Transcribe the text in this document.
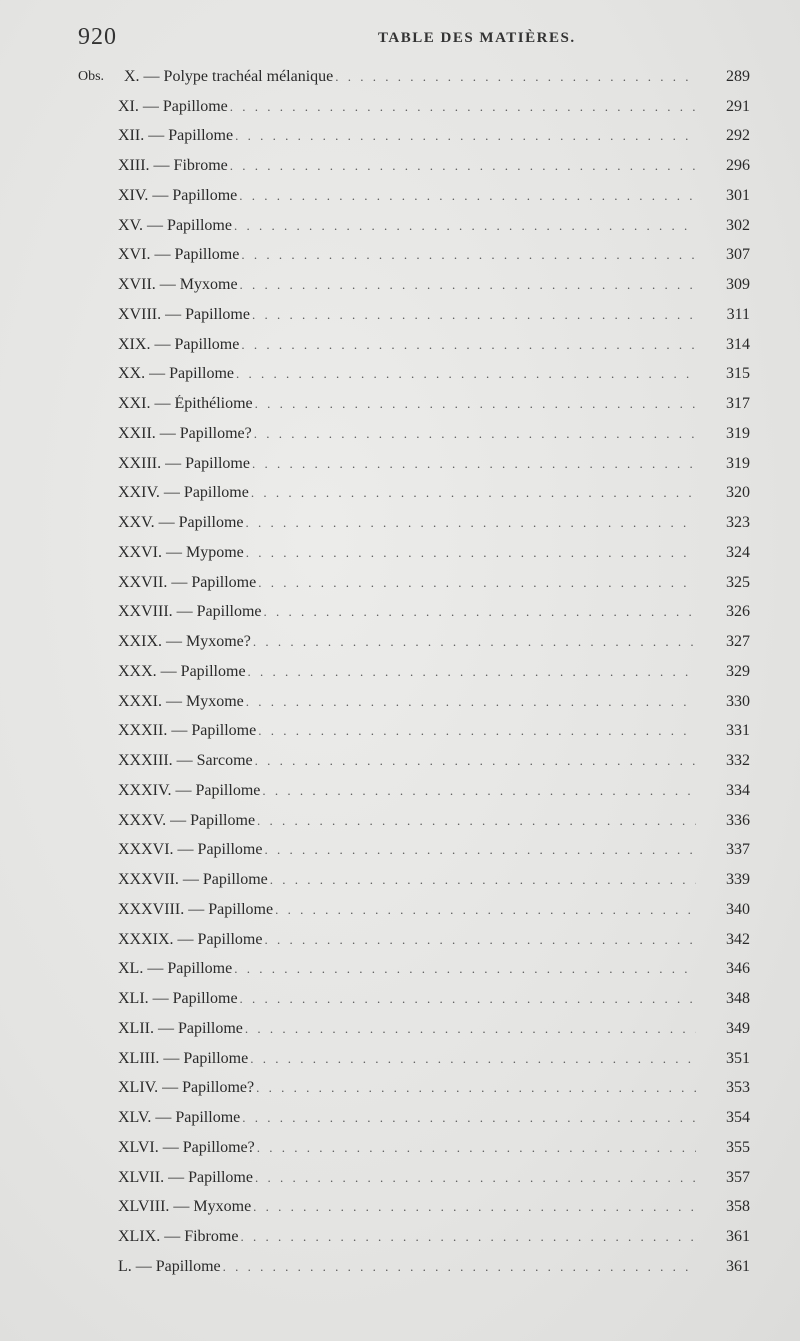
920	TABLE DES MATIÈRES.
Obs.	X. — Polype trachéal mélanique . . .	289
XI. — Papillome . . .	291
XII. — Papillome . . .	292
XIII. — Fibrome . . .	296
XIV. — Papillome . . .	301
XV. — Papillome . . .	302
XVI. — Papillome . . .	307
XVII. — Myxome . . .	309
XVIII. — Papillome . . .	311
XIX. — Papillome . . .	314
XX. — Papillome . . .	315
XXI. — Épithéliome . . .	317
XXII. — Papillome? . . .	319
XXIII. — Papillome . . .	319
XXIV. — Papillome . . .	320
XXV. — Papillome . . .	323
XXVI. — Mypome . . .	324
XXVII. — Papillome . . .	325
XXVIII. — Papillome . . .	326
XXIX. — Myxome? . . .	327
XXX. — Papillome . . .	329
XXXI. — Myxome . . .	330
XXXII. — Papillome . . .	331
XXXIII. — Sarcome . . .	332
XXXIV. — Papillome . . .	334
XXXV. — Papillome . . .	336
XXXVI. — Papillome . . .	337
XXXVII. — Papillome . . .	339
XXXVIII. — Papillome . . .	340
XXXIX. — Papillome . . .	342
XL. — Papillome . . .	346
XLI. — Papillome . . .	348
XLII. — Papillome . . .	349
XLIII. — Papillome . . .	351
XLIV. — Papillome? . . .	353
XLV. — Papillome . . .	354
XLVI. — Papillome? . . .	355
XLVII. — Papillome . . .	357
XLVIII. — Myxome . . .	358
XLIX. — Fibrome . . .	361
L. — Papillome . . .	361
